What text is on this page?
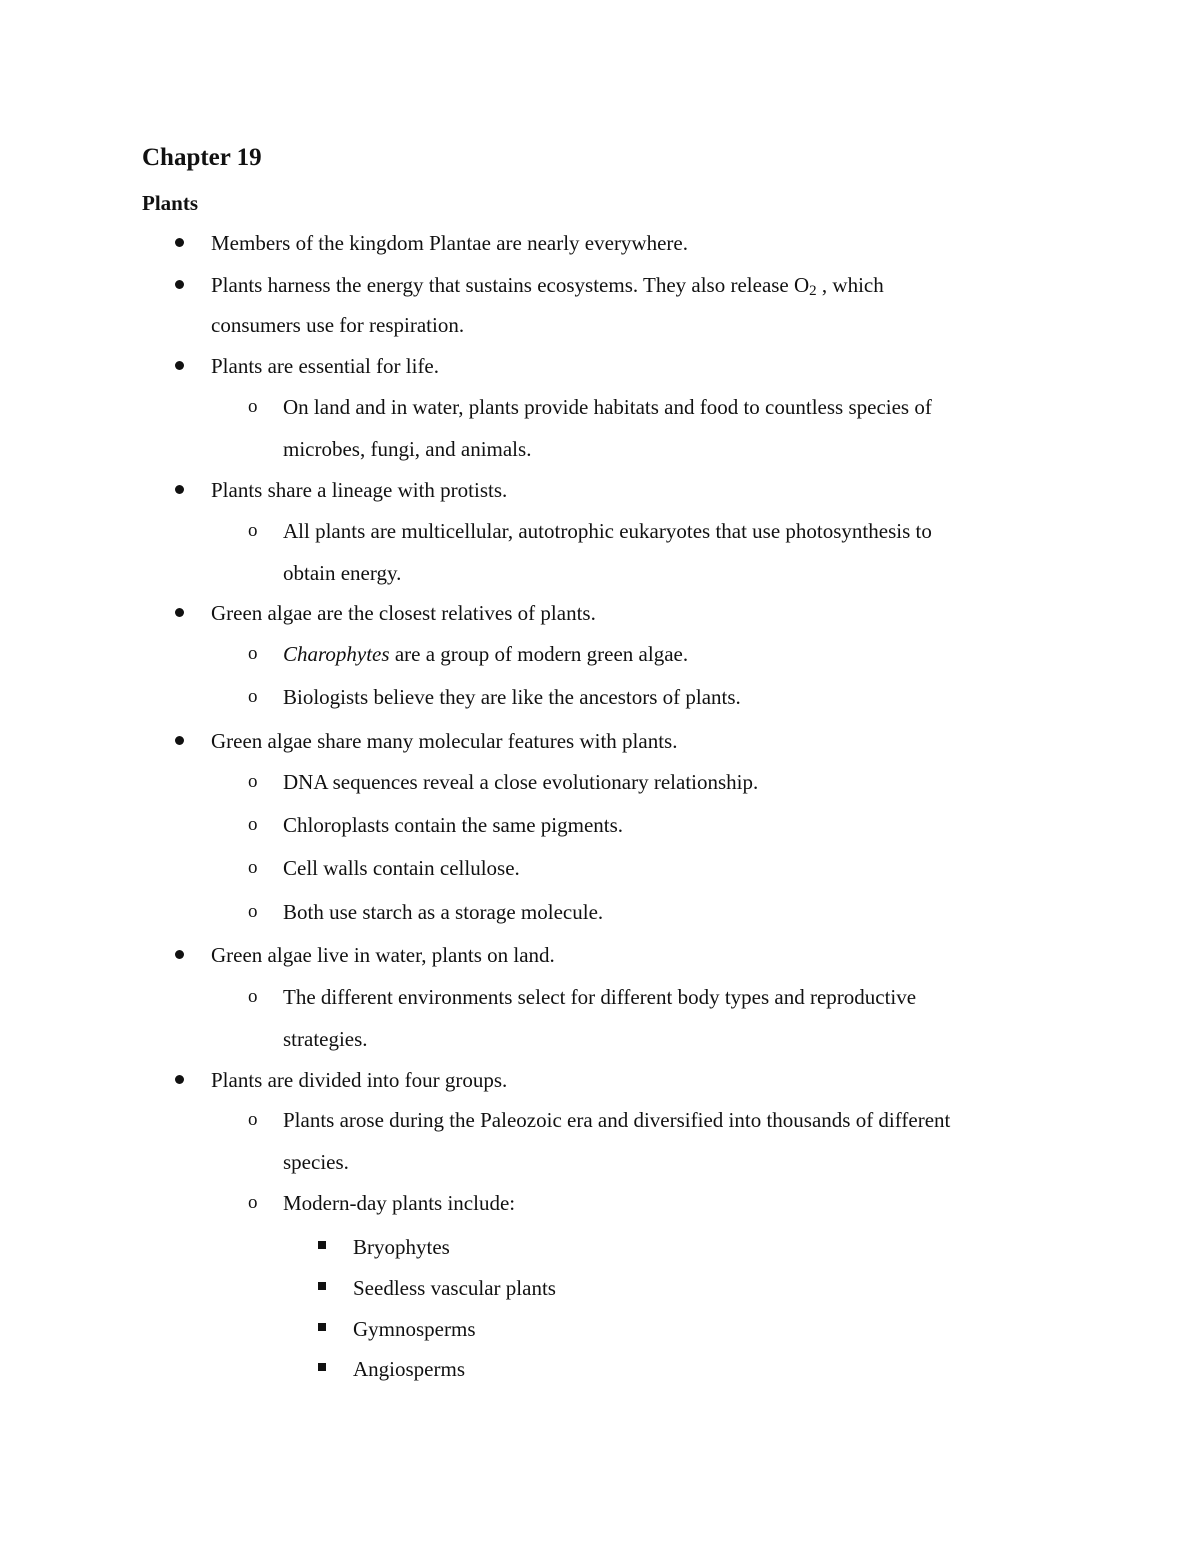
Chapter 19
Plants

Members of the kingdom Plantae are nearly everywhere.

Plants harness the energy that sustains ecosystems. They also release $O_2$ , which

consumers use for respiration.

Plants are essential for life.

o On land and in water, plants provide habitats and food to countless species of

microbes, fungi, and animals.

Plants share a lineage with protists.

o All plants are multicellular, autotrophic eukaryotes that use photosynthesis to

obtain energy.

Green algae are the closest relatives of plants.

o Charophytes are a group of modern green algae.

o Biologists believe they are like the ancestors of plants.

Green algae share many molecular features with plants.

o DNA sequences reveal a close evolutionary relationship.

o Chloroplasts contain the same pigments.

o Cell walls contain cellulose.

o Both use starch as a storage molecule.

Green algae live in water, plants on land.

o The different environments select for different body types and reproductive

strategies.

Plants are divided into four groups.

o Plants arose during the Paleozoic era and diversified into thousands of different

species.

o Modern-day plants include:

Bryophytes

Seedless vascular plants

Gymnosperms

Angiosperms
